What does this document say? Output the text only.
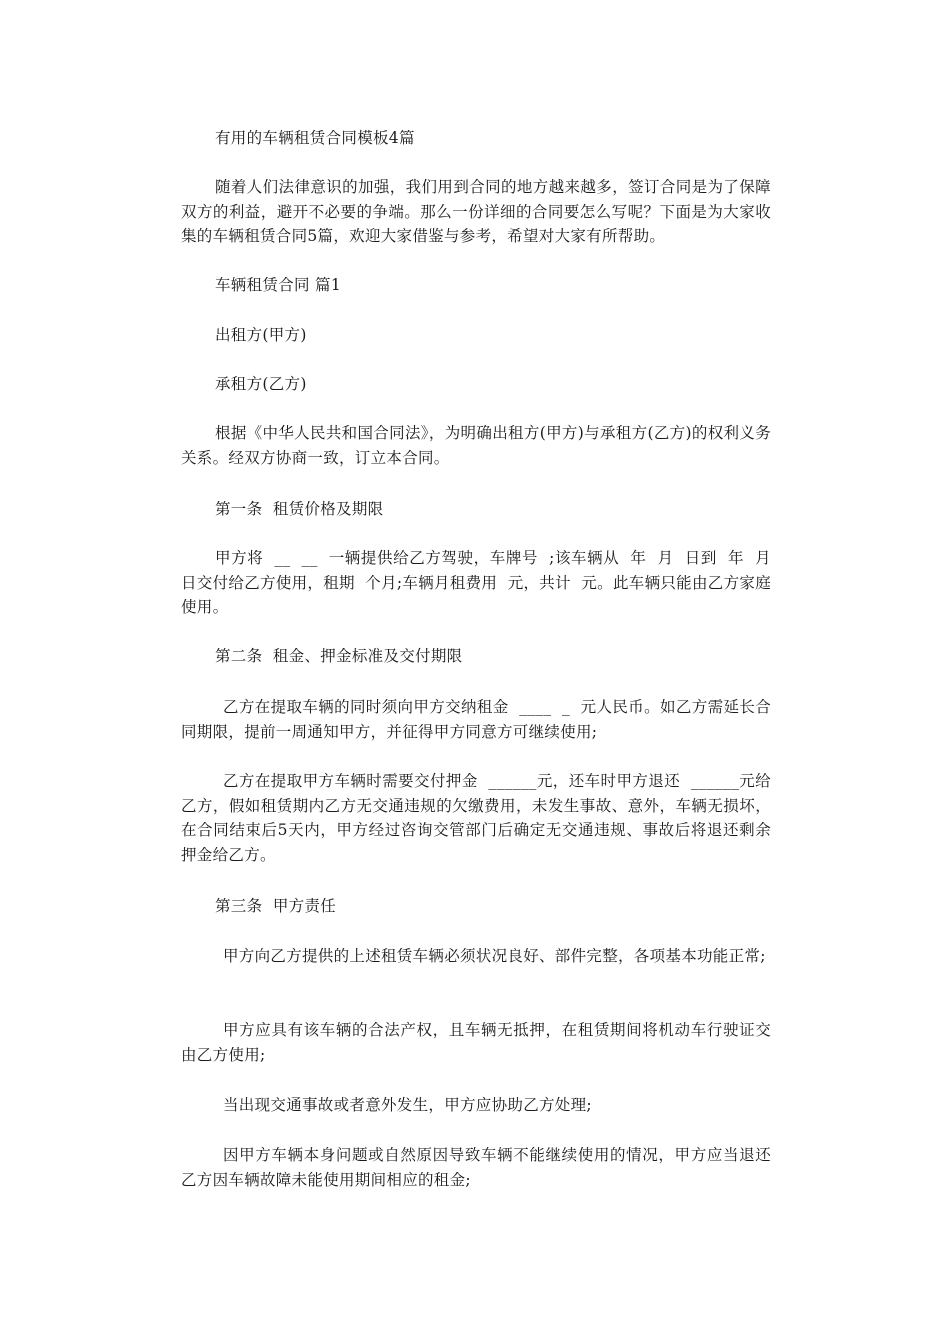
有用的车辆租赁合同模板4篇

随着人们法律意识的加强，我们用到合同的地方越来越多，签订合同是为了保障双方的利益，避开不必要的争端。那么一份详细的合同要怎么写呢？下面是为大家收集的车辆租赁合同5篇，欢迎大家借鉴与参考，希望对大家有所帮助。

车辆租赁合同 篇1

出租方(甲方)

承租方(乙方)

根据《中华人民共和国合同法》，为明确出租方(甲方)与承租方(乙方)的权利义务关系。经双方协商一致，订立本合同。

第一条  租赁价格及期限

甲方将  __  __  一辆提供给乙方驾驶，车牌号  ;该车辆从  年  月  日到  年  月日交付给乙方使用，租期  个月;车辆月租费用  元，共计  元。此车辆只能由乙方家庭使用。

第二条  租金、押金标准及交付期限

乙方在提取车辆的同时须向甲方交纳租金  ____  _  元人民币。如乙方需延长合同期限，提前一周通知甲方，并征得甲方同意方可继续使用;

乙方在提取甲方车辆时需要交付押金  ______元，还车时甲方退还  ______元给乙方，假如租赁期内乙方无交通违规的欠缴费用，未发生事故、意外，车辆无损坏，在合同结束后5天内，甲方经过咨询交管部门后确定无交通违规、事故后将退还剩余押金给乙方。

第三条  甲方责任

甲方向乙方提供的上述租赁车辆必须状况良好、部件完整，各项基本功能正常;

甲方应具有该车辆的合法产权，且车辆无抵押，在租赁期间将机动车行驶证交由乙方使用;

当出现交通事故或者意外发生，甲方应协助乙方处理;

因甲方车辆本身问题或自然原因导致车辆不能继续使用的情况，甲方应当退还乙方因车辆故障未能使用期间相应的租金;
